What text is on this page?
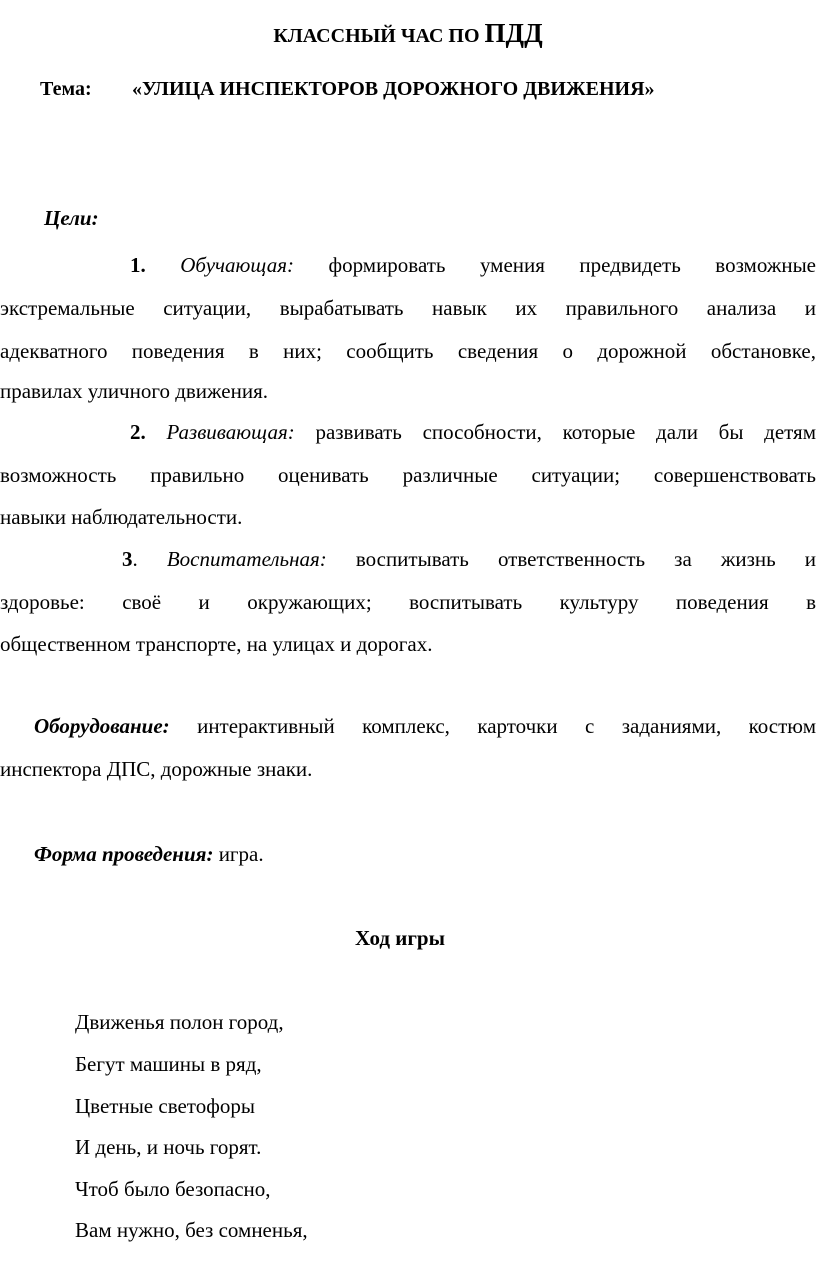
КЛАССНЫЙ ЧАС ПО ПДД
Тема: «УЛИЦА ИНСПЕКТОРОВ ДОРОЖНОГО ДВИЖЕНИЯ»
Цели:
1. Обучающая: формировать умения предвидеть возможные
экстремальные ситуации, вырабатывать навык их правильного анализа и
адекватного поведения в них; сообщить сведения о дорожной обстановке,
правилах уличного движения.
2. Развивающая: развивать способности, которые дали бы детям
возможность правильно оценивать различные ситуации; совершенствовать
навыки наблюдательности.
3. Воспитательная: воспитывать ответственность за жизнь и
здоровье: своё и окружающих; воспитывать культуру поведения в
общественном транспорте, на улицах и дорогах.
Оборудование: интерактивный комплекс, карточки с заданиями, костюм
инспектора ДПС, дорожные знаки.
Форма проведения: игра.
Ход игры
Движенья полон город,
Бегут машины в ряд,
Цветные светофоры
И день, и ночь горят.
Чтоб было безопасно,
Вам нужно, без сомненья,
